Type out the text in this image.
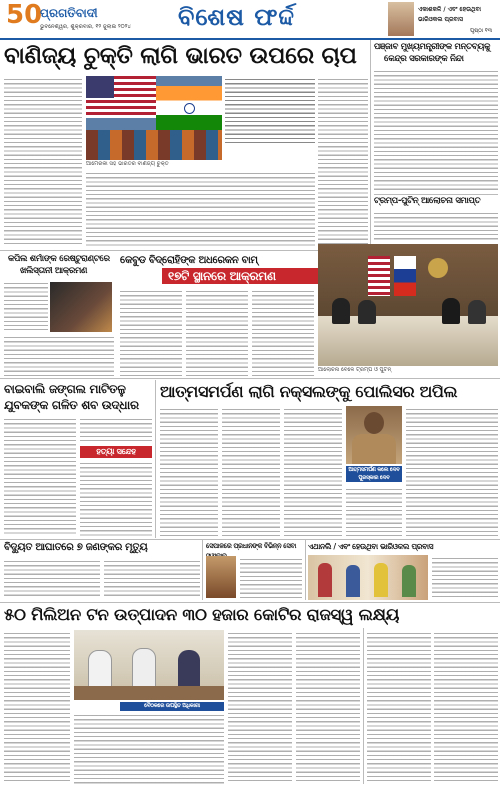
50
ପ୍ରଗତିବାଦୀ
ଭୁବନେଶ୍ୱର, ଶୁକ୍ରବାର, ୧୨ ଜୁଲାଇ ୨୦୨୪	ବିଶେଷ ଫର୍ଦ୍ଦ	ଏକାଶକଳି / ଏବଂ ହେଉଥିବା
ଭାରିଓକଲ ପ୍ରବାସ
ପୃଷ୍ଠା ୧୩
ବାଣିଜ୍ୟ ଚୁକ୍ତି ଲାଗି ଭାରତ ଉପରେ ଚାପ
ଆମେରିକା ସହ ଭାରତର ବାଣିଜ୍ୟ ଚୁକ୍ତି
ପଞ୍ଜାବ ମୁଖ୍ୟମନ୍ତ୍ରୀଙ୍କ ମନ୍ତବ୍ୟକୁ
କେନ୍ଦ୍ର ସରକାରଙ୍କ ନିନ୍ଦା
ଟ୍ରମ୍ପ-ପୁଟିନ୍ ଆଲୋଚନା ସମାପ୍ତ
କପିଲ ଶର୍ମାଙ୍କ ରେଷ୍ଟୁରାଣ୍ଟରେ
ଖଲିସ୍ତାନୀ ଆକ୍ରମଣ
କେବୁଡ ବିଦ୍ରୋହିଙ୍କ ଅଧରେକନ ବାମ୍
୧୭ଟି ସ୍ଥାନରେ ଆକ୍ରମଣ
ଆଲୋଚନା ବେଳେ ଟ୍ରମ୍ପ ଓ ପୁଟିନ୍
ବାଇବାଲି ଜଙ୍ଗଲ ମାଟିତଳୁ
ଯୁବକଙ୍କ ଗଳିତ ଶବ ଉଦ୍ଧାର
ହତ୍ୟା ସନ୍ଦେହ
ଆତ୍ମସମର୍ପଣ ଲାଗି ନକ୍ସଲଙ୍କୁ ପୋଲିସର ଅପିଲ
ଆତ୍ମସମର୍ପଣ କଲେ ଦେବ ପୁରସ୍କାର ଦେବ
ବିଦ୍ୟୁତ ଆଘାତରେ ୭ ଜଣଙ୍କର ମୃତ୍ୟୁ	ସେପାଳରେ ପ୍ରଧାନଙ୍କ ବିଭିନ୍ନ ସେବା	ଏଥାନଲି / ଏବଂ ହେଉଥିବା ଭାରିଓକଲ ପ୍ରବାସ
୫୦ ମିଲିଅନ ଟନ ଉତ୍ପାଦନ ୩୦ ହଜାର କୋଟିର ରାଜସ୍ୱ ଲକ୍ଷ୍ୟ
ବୈଠକରେ ଉପସ୍ଥିତ ଅଧିକାରୀ
